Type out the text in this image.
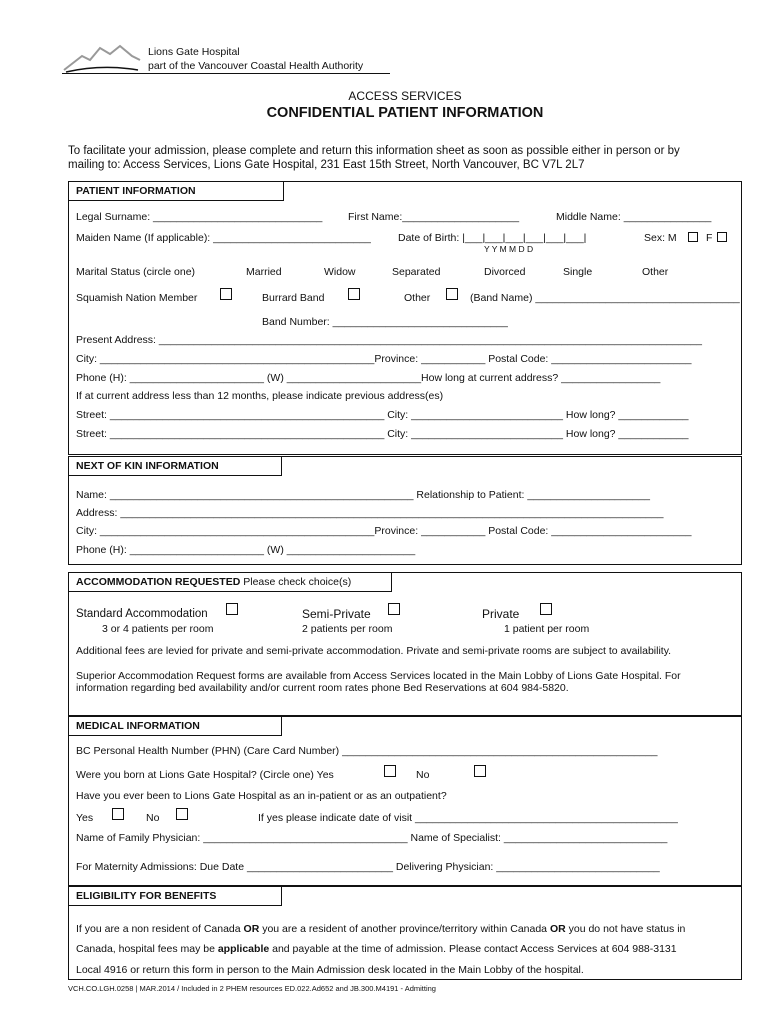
Lions Gate Hospital
part of the Vancouver Coastal Health Authority
ACCESS SERVICES
CONFIDENTIAL PATIENT INFORMATION
To facilitate your admission, please complete and return this information sheet as soon as possible either in person or by
mailing to: Access Services, Lions Gate Hospital, 231 East 15th Street, North Vancouver, BC V7L 2L7
PATIENT INFORMATION
Legal Surname: _____________________________ First Name:____________________	Middle Name: _______________
Maiden Name (If applicable): ___________________________	Date of Birth: |___|___|___|___|___|___|
Y Y M M D D
Sex: M	F
Marital Status (circle one)	Married	Widow	Separated	Divorced	Single	Other
Squamish Nation Member	Burrard Band	Other	(Band Name) ___________________________________
Band Number: ______________________________
Present Address: _____________________________________________________________________________________________
City: _______________________________________________Province: ___________ Postal Code: ________________________
Phone (H): _______________________ (W) _______________________How long at current address? _________________
If at current address less than 12 months, please indicate previous address(es)
Street: _______________________________________________ City: __________________________ How long? ____________
Street: _______________________________________________ City: __________________________ How long? ____________
NEXT OF KIN INFORMATION
Name: ____________________________________________________ Relationship to Patient: _____________________
Address: _____________________________________________________________________________________________
City: _______________________________________________Province: ___________ Postal Code: ________________________
Phone (H): _______________________ (W) ______________________
ACCOMMODATION REQUESTED Please check choice(s)
Standard Accommodation
3 or 4 patients per room
Semi-Private
2 patients per room
Private
1 patient per room
Additional fees are levied for private and semi-private accommodation. Private and semi-private rooms are subject to availability.
Superior Accommodation Request forms are available from Access Services located in the Main Lobby of Lions Gate Hospital. For
information regarding bed availability and/or current room rates phone Bed Reservations at 604 984-5820.
MEDICAL INFORMATION
BC Personal Health Number (PHN) (Care Card Number) ______________________________________________________
Were you born at Lions Gate Hospital? (Circle one) Yes	No
Have you ever been to Lions Gate Hospital as an in-patient or as an outpatient?
Yes	No	If yes please indicate date of visit _____________________________________________
Name of Family Physician: ___________________________________ Name of Specialist: ____________________________
For Maternity Admissions: Due Date _________________________ Delivering Physician: ____________________________
ELIGIBILITY FOR BENEFITS
If you are a non resident of Canada OR you are a resident of another province/territory within Canada OR you do not have status in
Canada, hospital fees may be applicable and payable at the time of admission. Please contact Access Services at 604 988-3131
Local 4916 or return this form in person to the Main Admission desk located in the Main Lobby of the hospital.
VCH.CO.LGH.0258 | MAR.2014 / Included in 2 PHEM resources ED.022.Ad652 and JB.300.M4191 - Admitting
